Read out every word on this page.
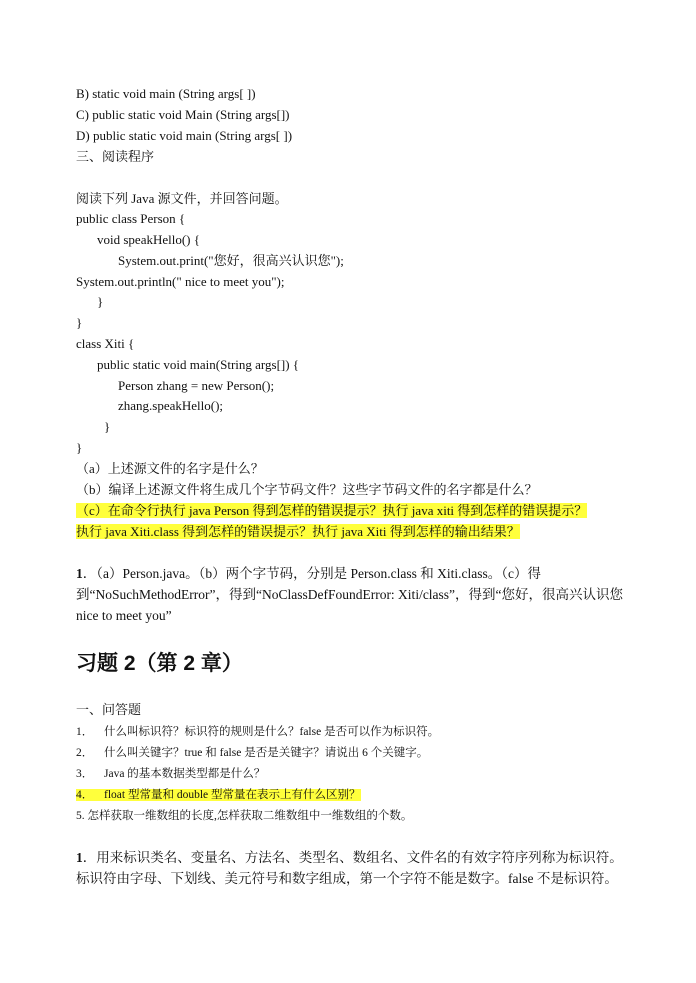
B) static void main (String args[ ])
C) public static void Main (String args[])
D) public static void main (String args[ ])
三、阅读程序
阅读下列 Java 源文件，并回答问题。
public class Person {
void speakHello() {
System.out.print("您好，很高兴认识您");
System.out.println(" nice to meet you");
}
}
class Xiti {
public static void main(String args[]) {
Person zhang = new Person();
zhang.speakHello();
}
}
（a）上述源文件的名字是什么？
（b）编译上述源文件将生成几个字节码文件？这些字节码文件的名字都是什么？
（c）在命令行执行 java Person 得到怎样的错误提示？执行 java xiti 得到怎样的错误提示？
执行 java Xiti.class 得到怎样的错误提示？执行 java Xiti 得到怎样的输出结果？
1．（a）Person.java。（b）两个字节码，分别是 Person.class 和 Xiti.class。（c）得到“NoSuchMethodError”，得到“NoClassDefFoundError: Xiti/class”，得到“您好，很高兴认识您 nice to meet you”
习题 2（第 2 章）
一、问答题
1． 什么叫标识符？标识符的规则是什么？false 是否可以作为标识符。
2． 什么叫关键字？true 和 false 是否是关键字？请说出 6 个关键字。
3． Java 的基本数据类型都是什么？
4． float 型常量和 double 型常量在表示上有什么区别？
5. 怎样获取一维数组的长度,怎样获取二维数组中一维数组的个数。
1．用来标识类名、变量名、方法名、类型名、数组名、文件名的有效字符序列称为标识符。标识符由字母、下划线、美元符号和数字组成，第一个字符不能是数字。false 不是标识符。
